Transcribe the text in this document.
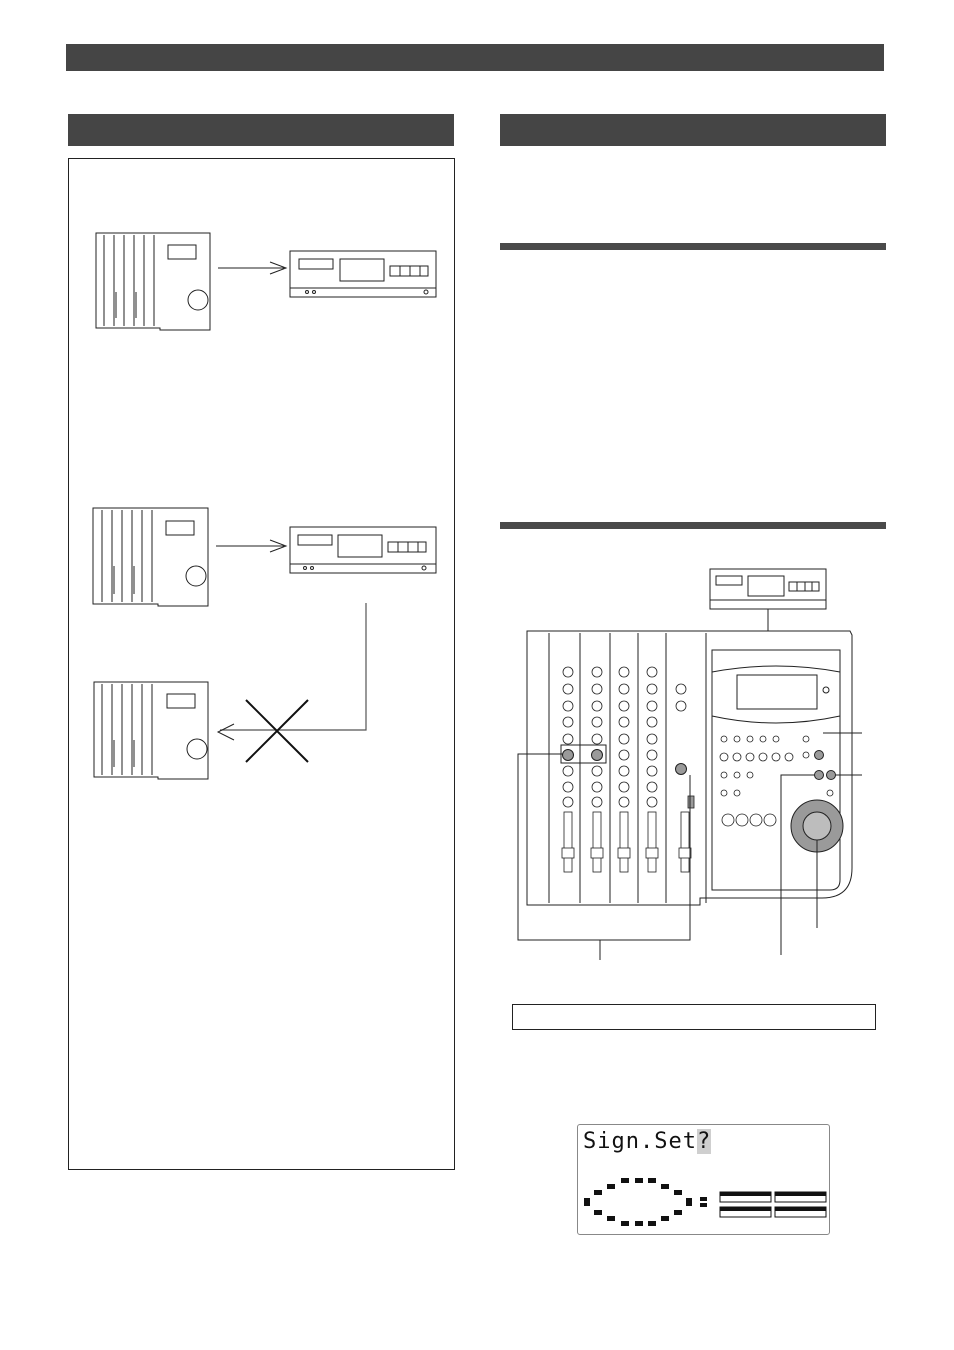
Sign.Set?
